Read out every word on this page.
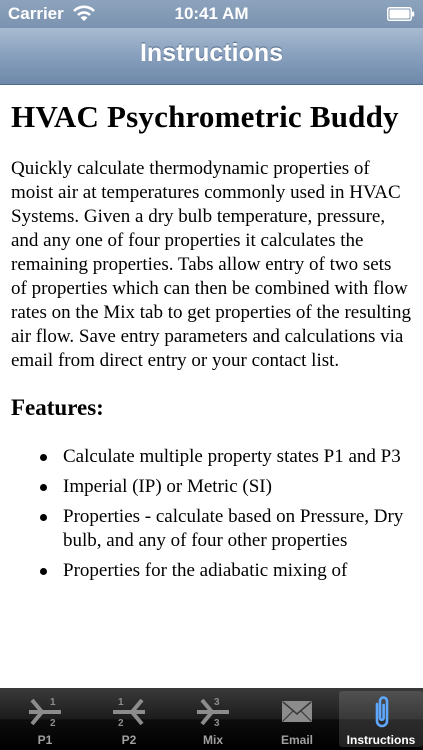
Carrier	10:41 AM
Instructions
HVAC Psychrometric Buddy

Quickly calculate thermodynamic properties of moist air at temperatures commonly used in HVAC Systems. Given a dry bulb temperature, pressure, and any one of four properties it calculates the remaining properties. Tabs allow entry of two sets of properties which can then be combined with flow rates on the Mix tab to get properties of the resulting air flow. Save entry parameters and calculations via email from direct entry or your contact list.

Features:
Calculate multiple property states P1 and P3
Imperial (IP) or Metric (SI)
Properties - calculate based on Pressure, Dry bulb, and any of four other properties
Properties for the adiabatic mixing of
1
2
P1
1
2
P2
3
3
Mix	Email	Instructions
